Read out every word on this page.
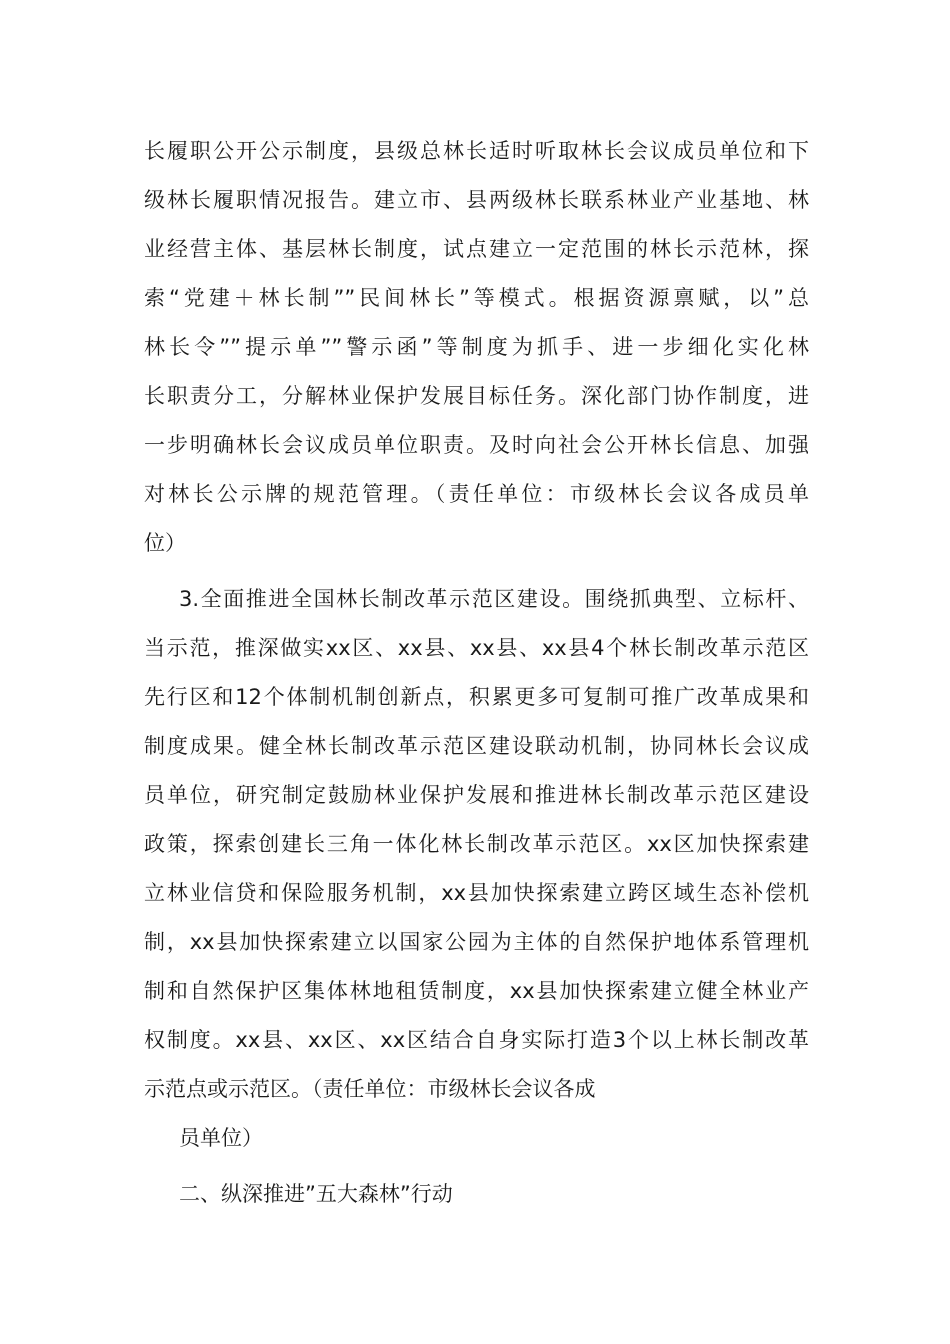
长履职公开公示制度，县级总林长适时听取林长会议成员单位和下
级林长履职情况报告。建立市、县两级林长联系林业产业基地、林
业经营主体、基层林长制度，试点建立一定范围的林长示范林，探
索“党建＋林长制””民间林长”等模式。根据资源禀赋，以”总
林长令””提示单””警示函”等制度为抓手、进一步细化实化林
长职责分工，分解林业保护发展目标任务。深化部门协作制度，进
一步明确林长会议成员单位职责。及时向社会公开林长信息、加强
对林长公示牌的规范管理。（责任单位：市级林长会议各成员单
位）
3.全面推进全国林长制改革示范区建设。围绕抓典型、立标杆、
当示范，推深做实xx区、xx县、xx县、xx县4个林长制改革示范区
先行区和12个体制机制创新点，积累更多可复制可推广改革成果和
制度成果。健全林长制改革示范区建设联动机制，协同林长会议成
员单位，研究制定鼓励林业保护发展和推进林长制改革示范区建设
政策，探索创建长三角一体化林长制改革示范区。xx区加快探索建
立林业信贷和保险服务机制，xx县加快探索建立跨区域生态补偿机
制，xx县加快探索建立以国家公园为主体的自然保护地体系管理机
制和自然保护区集体林地租赁制度，xx县加快探索建立健全林业产
权制度。xx县、xx区、xx区结合自身实际打造3个以上林长制改革
示范点或示范区。（责任单位：市级林长会议各成
员单位）
二、纵深推进”五大森林”行动
